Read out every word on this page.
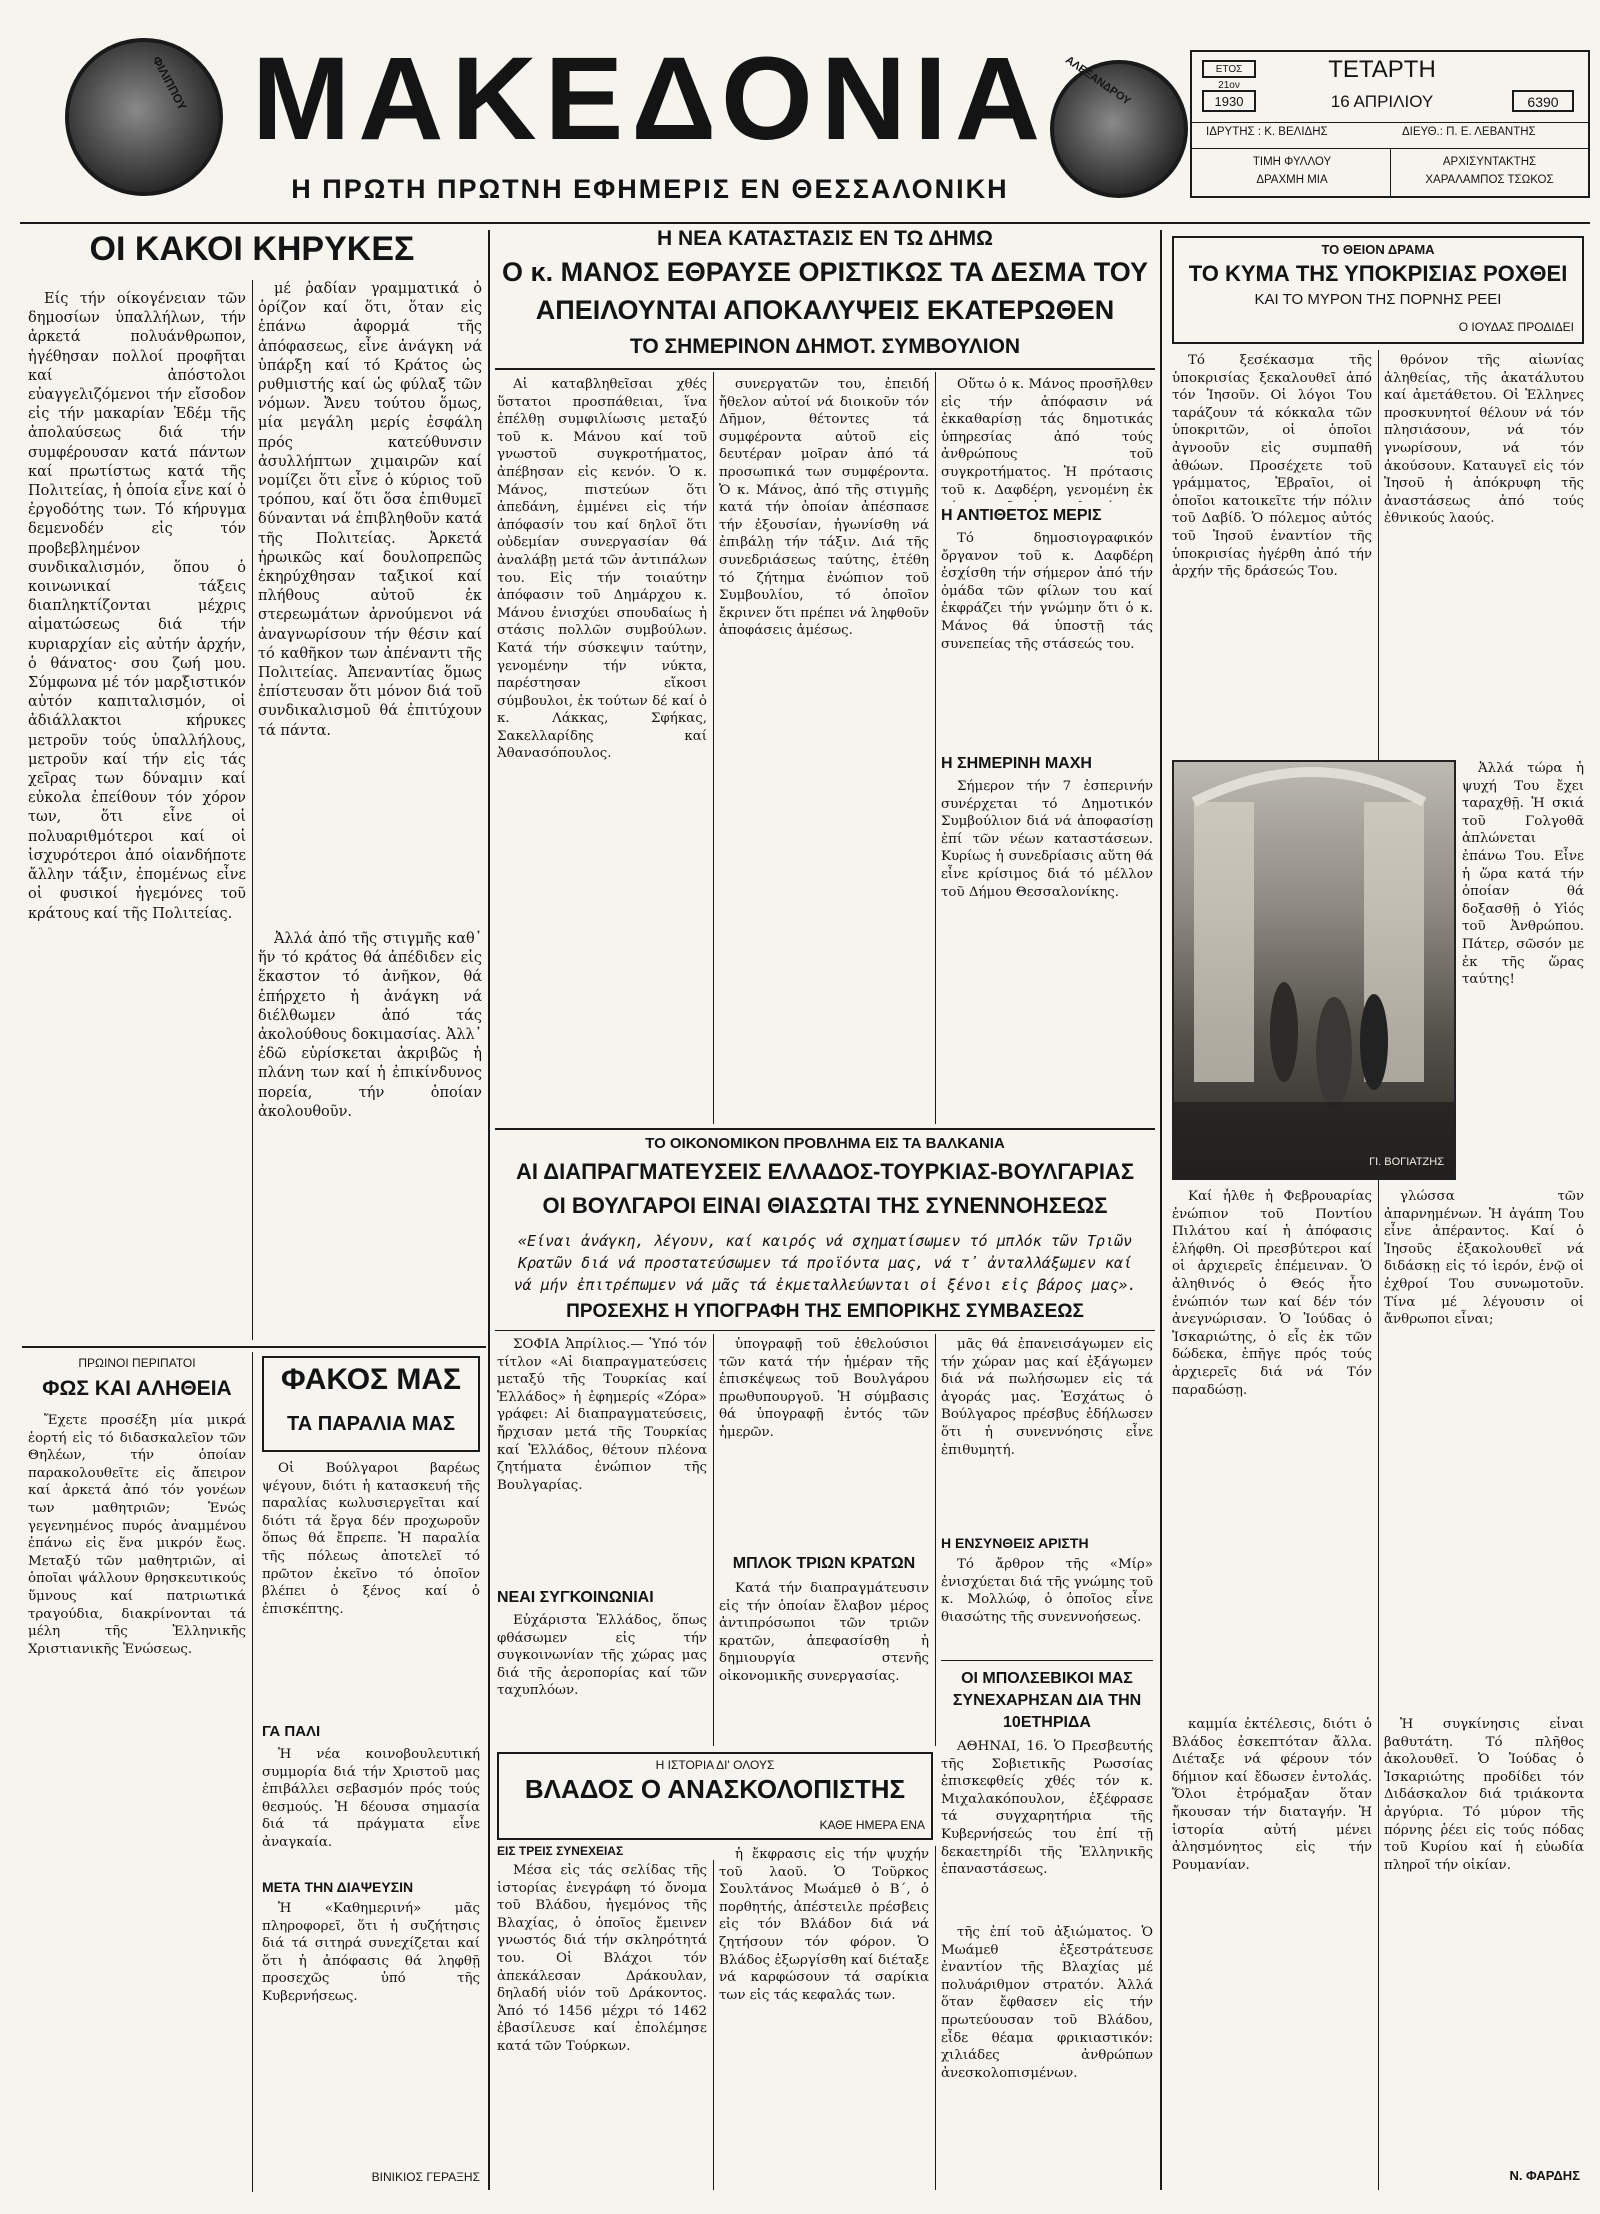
ΦΙΛΙΠΠΟΥ ΜΑΚΕΔΟΝΙΑ	ΑΛΕΞΑΝΔΡΟΥ
Η ΠΡΩΤΗ ΠΡΩΤΝΗ ΕΦΗΜΕΡΙΣ ΕΝ ΘΕΣΣΑΛΟΝΙΚΗ
ΕΤΟΣ 21ον
ΤΕΤΑΡΤΗ
1930	16 ΑΠΡΙΛΙΟΥ	6390
ΙΔΡΥΤΗΣ : Κ. ΒΕΛΙΔΗΣ	ΔΙΕΥΘ.: Π. Ε. ΛΕΒΑΝΤΗΣ
ΤΙΜΗ ΦΥΛΛΟΥ
ΔΡΑΧΜΗ ΜΙΑ
ΑΡΧΙΣΥΝΤΑΚΤΗΣ
ΧΑΡΑΛΑΜΠΟΣ ΤΣΩΚΟΣ
ΟΙ ΚΑΚΟΙ ΚΗΡΥΚΕΣ
Είς τήν οίκογένειαν τῶν δημοσίων ὑπαλλήλων, τήν ἀρκετά πολυάνθρωπον, ἡγέθησαν πολλοί προφῆται καί ἀπόστολοι εὐαγγελιζόμενοι τήν εἴσοδον εἰς τήν μακαρίαν Ἐδέμ τῆς ἀπολαύσεως διά τήν συμφέρουσαν κατά πάντων καί πρωτίστως κατά τῆς Πολιτείας, ἡ ὁποία εἶνε καί ὁ ἐργοδότης των. Τό κήρυγμα δεμενοδέν εἰς τόν προβεβλημένον συνδικαλισμόν, ὅπου ὁ κοινωνικαί τάξεις διαπληκτίζονται μέχρις αἱματώσεως διά τήν κυριαρχίαν εἰς αὐτήν ἀρχήν, ὁ θάνατος· σου ζωή μου. Σύμφωνα μέ τόν μαρξιστικόν αὐτόν καπιταλισμόν, οἱ ἀδιάλλακτοι κήρυκες μετροῦν τούς ὑπαλλήλους, μετροῦν καί τήν εἰς τάς χεῖρας των δύναμιν καί εὐκολα ἐπείθουν τόν χόρον των, ὅτι εἶνε οἱ πολυαριθμότεροι καί οἱ ἰσχυρότεροι ἀπό οἱανδήποτε ἄλλην τάξιν, ἐπομένως εἶνε οἱ φυσικοί ἡγεμόνες τοῦ κράτους καί τῆς Πολιτείας.
μέ ῥαδίαν γραμματικά ὁ ὁρίζον καί ὅτι, ὅταν εἰς ἑπάνω ἀφορμά τῆς ἀπόφασεως, εἶνε ἀνάγκη νά ὑπάρξη καί τό Κράτος ὡς ρυθμιστής καί ὡς φύλαξ τῶν νόμων. Ἄνευ τούτου ὅμως, μία μεγάλη μερίς ἐσφάλη πρός κατεύθυνσιν ἀσυλλήπτων χιμαιρῶν καί νομίζει ὅτι εἶνε ὁ κύριος τοῦ τρόπου, καί ὅτι ὅσα ἐπιθυμεῖ δύνανται νά ἐπιβληθοῦν κατά τῆς Πολιτείας. Ἀρκετά ἡρωικῶς καί δουλοπρεπῶς ἐκηρύχθησαν ταξικοί καί πλήθους αὐτοῦ ἐκ στερεωμάτων ἀρνούμενοι νά ἀναγνωρίσουν τήν θέσιν καί τό καθῆκον των ἀπέναντι τῆς Πολιτείας. Ἀπεναντίας ὅμως ἐπίστευσαν ὅτι μόνον διά τοῦ συνδικαλισμοῦ θά ἐπιτύχουν τά πάντα.
Ἀλλά ἀπό τῆς στιγμῆς καθ᾿ ἥν τό κράτος θά ἀπέδιδεν εἰς ἕκαστον τό ἀνῆκον, θά ἐπήρχετο ἡ ἀνάγκη νά διέλθωμεν ἀπό τάς ἀκολούθους δοκιμασίας. Ἀλλ᾿ ἐδῶ εὑρίσκεται ἀκριβῶς ἡ πλάνη των καί ἡ ἐπικίνδυνος πορεία, τήν ὁποίαν ἀκολουθοῦν.
ΠΡΩΙΝΟΙ ΠΕΡΙΠΑΤΟΙ
ΦΩΣ ΚΑΙ ΑΛΗΘΕΙΑ
Ἔχετε προσέξη μία μικρά ἑορτή εἰς τό διδασκαλεῖον τῶν Θηλέων, τήν ὁποίαν παρακολουθεῖτε εἰς ἄπειρον καί ἀρκετά ἀπό τόν γονέων των μαθητριῶν; Ἐνώς γεγενημένος πυρός ἀναμμένου ἐπάνω εἰς ἕνα μικρόν ἔως. Μεταξύ τῶν μαθητριῶν, αἱ ὁποῖαι ψάλλουν θρησκευτικούς ὕμνους καί πατριωτικά τραγούδια, διακρίνονται τά μέλη τῆς Ἑλληνικῆς Χριστιανικῆς Ἑνώσεως.
ΦΑΚΟΣ ΜΑΣ
ΤΑ ΠΑΡΑΛΙΑ ΜΑΣ
Οἱ Βούλγαροι βαρέως ψέγουν, διότι ἡ κατασκευή τῆς παραλίας κωλυσιεργεῖται καί διότι τά ἔργα δέν προχωροῦν ὅπως θά ἔπρεπε. Ἡ παραλία τῆς πόλεως ἀποτελεῖ τό πρῶτον ἐκεῖνο τό ὁποῖον βλέπει ὁ ξένος καί ὁ ἐπισκέπτης.
ΓΑ ΠΑΛΙ
Ἡ νέα κοινοβουλευτική συμμορία διά τήν Χριστοῦ μας ἐπιβάλλει σεβασμόν πρός τούς θεσμούς. Ἡ δέουσα σημασία διά τά πράγματα εἶνε ἀναγκαία.
ΜΕΤΑ ΤΗΝ ΔΙΑΨΕΥΣΙΝ
Ἡ «Καθημερινή» μᾶς πληροφορεῖ, ὅτι ἡ συζήτησις διά τά σιτηρά συνεχίζεται καί ὅτι ἡ ἀπόφασις θά ληφθῇ προσεχῶς ὑπό τῆς Κυβερνήσεως.
ΒΙΝΙΚΙΟΣ ΓΕΡΑΞΗΣ
Η ΝΕΑ ΚΑΤΑΣΤΑΣΙΣ ΕΝ ΤΩ ΔΗΜΩ
Ο κ. ΜΑΝΟΣ ΕΘΡΑΥΣΕ ΟΡΙΣΤΙΚΩΣ ΤΑ ΔΕΣΜΑ ΤΟΥ
ΑΠΕΙΛΟΥΝΤΑΙ ΑΠΟΚΑΛΥΨΕΙΣ ΕΚΑΤΕΡΩΘΕΝ
ΤΟ ΣΗΜΕΡΙΝΟΝ ΔΗΜΟΤ. ΣΥΜΒΟΥΛΙΟΝ
Αἱ καταβληθεῖσαι χθές ὕστατοι προσπάθειαι, ἵνα ἐπέλθῃ συμφιλίωσις μεταξύ τοῦ κ. Μάνου καί τοῦ γνωστοῦ συγκροτήματος, ἀπέβησαν εἰς κενόν. Ὁ κ. Μάνος, πιστεύων ὅτι ἀπεδάνη, ἐμμένει εἰς τήν ἀπόφασίν του καί δηλοῖ ὅτι οὐδεμίαν συνεργασίαν θά ἀναλάβῃ μετά τῶν ἀντιπάλων του. Εἰς τήν τοιαύτην ἀπόφασιν τοῦ Δημάρχου κ. Μάνου ἐνισχύει σπουδαίως ἡ στάσις πολλῶν συμβούλων. Κατά τήν σύσκεψιν ταύτην, γενομένην τήν νύκτα, παρέστησαν εἴκοσι σύμβουλοι, ἐκ τούτων δέ καί ὁ κ. Λάκκας, Σφήκας, Σακελλαρίδης καί Ἀθανασόπουλος.
συνεργατῶν του, ἐπειδή ἤθελον αὐτοί νά διοικοῦν τόν Δῆμον, θέτοντες τά συμφέροντα αὐτοῦ εἰς δευτέραν μοῖραν ἀπό τά προσωπικά των συμφέροντα. Ὁ κ. Μάνος, ἀπό τῆς στιγμῆς κατά τήν ὁποίαν ἀπέσπασε τήν ἐξουσίαν, ἠγωνίσθη νά ἐπιβάλῃ τήν τάξιν. Διά τῆς συνεδριάσεως ταύτης, ἐτέθη τό ζήτημα ἐνώπιον τοῦ Συμβουλίου, τό ὁποῖον ἔκρινεν ὅτι πρέπει νά ληφθοῦν ἀποφάσεις ἀμέσως.
Οὕτω ὁ κ. Μάνος προσῆλθεν εἰς τήν ἀπόφασιν νά ἐκκαθαρίσῃ τάς δημοτικάς ὑπηρεσίας ἀπό τούς ἀνθρώπους τοῦ συγκροτήματος. Ἡ πρότασις τοῦ κ. Δαφδέρη, γενομένη ἐκ
Η ΑΝΤΙΘΕΤΟΣ ΜΕΡΙΣ
Τό δημοσιογραφικόν ὄργανον τοῦ κ. Δαφδέρη ἐσχίσθη τήν σήμερον ἀπό τήν ὁμάδα τῶν φίλων του καί ἐκφράζει τήν γνώμην ὅτι ὁ κ. Μάνος θά ὑποστῇ τάς συνεπείας τῆς στάσεώς του.
Η ΣΗΜΕΡΙΝΗ ΜΑΧΗ
Σήμερον τήν 7 ἑσπερινήν συνέρχεται τό Δημοτικόν Συμβούλιον διά νά ἀποφασίσῃ ἐπί τῶν νέων καταστάσεων. Κυρίως ἡ συνεδρίασις αὕτη θά εἶνε κρίσιμος διά τό μέλλον τοῦ Δήμου Θεσσαλονίκης.
ΤΟ ΟΙΚΟΝΟΜΙΚΟΝ ΠΡΟΒΛΗΜΑ ΕΙΣ ΤΑ ΒΑΛΚΑΝΙΑ
ΑΙ ΔΙΑΠΡΑΓΜΑΤΕΥΣΕΙΣ ΕΛΛΑΔΟΣ-ΤΟΥΡΚΙΑΣ-ΒΟΥΛΓΑΡΙΑΣ
ΟΙ ΒΟΥΛΓΑΡΟΙ ΕΙΝΑΙ ΘΙΑΣΩΤΑΙ ΤΗΣ ΣΥΝΕΝΝΟΗΣΕΩΣ
«Είναι ἀνάγκη, λέγουν, καί καιρός νά σχηματίσωμεν τό μπλόκ τῶν Τριῶν Κρατῶν διά νά προστατεύσωμεν τά προϊόντα μας, νά τ᾿ ἀνταλλάξωμεν καί νά μήν ἐπιτρέπωμεν νά μᾶς τά ἐκμεταλλεύωνται οἱ ξένοι εἰς βάρος μας».
ΠΡΟΣΕΧΗΣ Η ΥΠΟΓΡΑΦΗ ΤΗΣ ΕΜΠΟΡΙΚΗΣ ΣΥΜΒΑΣΕΩΣ
ΣΟΦΙΑ Ἀπρίλιος.— Ὑπό τόν τίτλον «Αἱ διαπραγματεύσεις μεταξύ τῆς Τουρκίας καί Ἑλλάδος» ἡ ἐφημερίς «Ζόρα» γράφει: Αἱ διαπραγματεύσεις, ἤρχισαν μετά τῆς Τουρκίας καί Ἑλλάδος, θέτουν πλέονα ζητήματα ἐνώπιον τῆς Βουλγαρίας.
ΝΕΑΙ ΣΥΓΚΟΙΝΩΝΙΑΙ
Εὐχάριστα Ἐλλάδος, ὅπως φθάσωμεν εἰς τήν συγκοινωνίαν τῆς χώρας μας διά τῆς ἀεροπορίας καί τῶν ταχυπλόων.
ὑπογραφῇ τοῦ ἐθελούσιοι τῶν κατά τήν ἡμέραν τῆς ἐπισκέψεως τοῦ Βουλγάρου πρωθυπουργοῦ. Ἡ σύμβασις θά ὑπογραφῇ ἐντός τῶν ἡμερῶν.
ΜΠΛΟΚ ΤΡΙΩΝ ΚΡΑΤΩΝ
Κατά τήν διαπραγμάτευσιν εἰς τήν ὁποίαν ἔλαβον μέρος ἀντιπρόσωποι τῶν τριῶν κρατῶν, ἀπεφασίσθη ἡ δημιουργία στενῆς οἰκονομικῆς συνεργασίας.
μᾶς θά ἐπανεισάγωμεν εἰς τήν χώραν μας καί ἐξάγωμεν διά νά πωλήσωμεν εἰς τά ἀγοράς μας. Ἐσχάτως ὁ Βούλγαρος πρέσβυς ἐδήλωσεν ὅτι ἡ συνεννόησις εἶνε ἐπιθυμητή.
Η ΕΝΣΥΝΘΕΙΣ ΑΡΙΣΤΗ
Τό ἄρθρον τῆς «Μίρ» ἐνισχύεται διά τῆς γνώμης τοῦ κ. Μολλώφ, ὁ ὁποῖος εἶνε θιασώτης τῆς συνεννοήσεως.
ΟΙ ΜΠΟΛΣΕΒΙΚΟΙ ΜΑΣ ΣΥΝΕΧΑΡΗΣΑΝ ΔΙΑ ΤΗΝ 10ΕΤΗΡΙΔΑ
ΑΘΗΝΑΙ, 16. Ὁ Πρεσβευτής τῆς Σοβιετικῆς Ρωσσίας ἐπισκεφθείς χθές τόν κ. Μιχαλακόπουλον, ἐξέφρασε τά συγχαρητήρια τῆς Κυβερνήσεώς του ἐπί τῇ δεκαετηρίδι τῆς Ἑλληνικῆς ἐπαναστάσεως.
Η ΙΣΤΟΡΙΑ ΔΙ' ΟΛΟΥΣ
ΒΛΑΔΟΣ Ο ΑΝΑΣΚΟΛΟΠΙΣΤΗΣ
ΚΑΘΕ ΗΜΕΡΑ ΕΝΑ
ΕΙΣ ΤΡΕΙΣ ΣΥΝΕΧΕΙΑΣ
Μέσα εἰς τάς σελίδας τῆς ἱστορίας ἐνεγράφη τό ὄνομα τοῦ Βλάδου, ἡγεμόνος τῆς Βλαχίας, ὁ ὁποῖος ἔμεινεν γνωστός διά τήν σκληρότητά του. Οἱ Βλάχοι τόν ἀπεκάλεσαν Δράκουλαν, δηλαδή υἱόν τοῦ Δράκοντος. Ἀπό τό 1456 μέχρι τό 1462 ἐβασίλευσε καί ἐπολέμησε κατά τῶν Τούρκων.
ἡ ἔκφρασις εἰς τήν ψυχήν τοῦ λαοῦ. Ὁ Τοῦρκος Σουλτάνος Μωάμεθ ὁ Β΄, ὁ πορθητής, ἀπέστειλε πρέσβεις εἰς τόν Βλάδον διά νά ζητήσουν τόν φόρον. Ὁ Βλάδος ἐξωργίσθη καί διέταξε νά καρφώσουν τά σαρίκια των εἰς τάς κεφαλάς των.
τῆς ἐπί τοῦ ἀξιώματος. Ὁ Μωάμεθ ἐξεστράτευσε ἐναντίον τῆς Βλαχίας μέ πολυάριθμον στρατόν. Ἀλλά ὅταν ἔφθασεν εἰς τήν πρωτεύουσαν τοῦ Βλάδου, εἶδε θέαμα φρικιαστικόν: χιλιάδες ἀνθρώπων ἀνεσκολοπισμένων.
ΤΟ ΘΕΙΟΝ ΔΡΑΜΑ
ΤΟ ΚΥΜΑ ΤΗΣ ΥΠΟΚΡΙΣΙΑΣ ΡΟΧΘΕΙ
ΚΑΙ ΤΟ ΜΥΡΟΝ ΤΗΣ ΠΟΡΝΗΣ ΡΕΕΙ
Ο ΙΟΥΔΑΣ ΠΡΟΔΙΔΕΙ
Τό ξεσέκασμα τῆς ὑποκρισίας ξεκαλουθεῖ ἀπό τόν Ἰησοῦν. Οἱ λόγοι Του ταράζουν τά κόκκαλα τῶν ὑποκριτῶν, οἱ ὁποῖοι ἀγνοοῦν εἰς συμπαθῆ ἀθώων. Προσέχετε τοῦ γράμματος, Ἐβραῖοι, οἱ ὁποῖοι κατοικεῖτε τήν πόλιν τοῦ Δαβίδ. Ὁ πόλεμος αὐτός τοῦ Ἰησοῦ ἐναντίον τῆς ὑποκρισίας ἠγέρθη ἀπό τήν ἀρχήν τῆς δράσεώς Του.
θρόνον τῆς αἰωνίας ἀληθείας, τῆς ἀκατάλυτου καί ἀμετάθετου. Οἱ Ἑλληνες προσκυνητοί θέλουν νά τόν πλησιάσουν, νά τόν γνωρίσουν, νά τόν ἀκούσουν. Καταυγεῖ εἰς τόν Ἰησοῦ ἡ ἀπόκρυφη τῆς ἀναστάσεως ἀπό τούς ἐθνικούς λαούς.
ΓΙ. ΒΟΓΙΑΤΖΗΣ
Ἀλλά τώρα ἡ ψυχή Του ἔχει ταραχθῇ. Ἡ σκιά τοῦ Γολγοθᾶ ἁπλώνεται ἐπάνω Του. Εἶνε ἡ ὥρα κατά τήν ὁποίαν θά δοξασθῇ ὁ Υἱός τοῦ Ἀνθρώπου. Πάτερ, σῶσόν με ἐκ τῆς ὥρας ταύτης!
Καί ἦλθε ἡ Φεβρουαρίας ἐνώπιον τοῦ Ποντίου Πιλάτου καί ἡ ἀπόφασις ἐλήφθη. Οἱ πρεσβύτεροι καί οἱ ἀρχιερεῖς ἐπέμειναν. Ὁ ἀληθινός ὁ Θεός ἦτο ἐνώπιόν των καί δέν τόν ἀνεγνώρισαν. Ὁ Ἰούδας ὁ Ἰσκαριώτης, ὁ εἷς ἐκ τῶν δώδεκα, ἐπῆγε πρός τούς ἀρχιερεῖς διά νά Τόν παραδώσῃ.
γλώσσα τῶν ἀπαρνημένων. Ἡ ἀγάπη Του εἶνε ἀπέραντος. Καί ὁ Ἰησοῦς ἐξακολουθεῖ νά διδάσκῃ εἰς τό ἱερόν, ἐνῷ οἱ ἐχθροί Του συνωμοτοῦν. Τίνα μέ λέγουσιν οἱ ἄνθρωποι εἶναι;
καμμία ἐκτέλεσις, διότι ὁ Βλάδος ἐσκεπτόταν ἄλλα. Διέταξε νά φέρουν τόν δήμιον καί ἔδωσεν ἐντολάς. Ὅλοι ἐτρόμαξαν ὅταν ἤκουσαν τήν διαταγήν. Ἡ ἱστορία αὐτή μένει ἀλησμόνητος εἰς τήν Ρουμανίαν.
Ἡ συγκίνησις εἶναι βαθυτάτη. Τό πλῆθος ἀκολουθεῖ. Ὁ Ἰούδας ὁ Ἰσκαριώτης προδίδει τόν Διδάσκαλον διά τριάκοντα ἀργύρια. Τό μύρον τῆς πόρνης ῥέει εἰς τούς πόδας τοῦ Κυρίου καί ἡ εὐωδία πληροῖ τήν οἰκίαν.
Ν. ΦΑΡΔΗΣ
